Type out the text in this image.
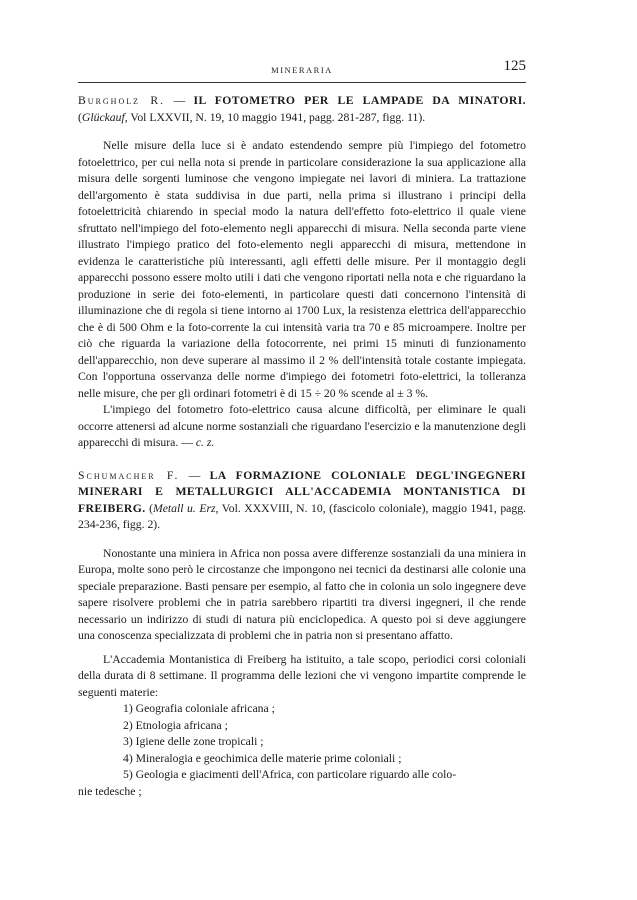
MINERARIA	125

Burgholz R. — IL FOTOMETRO PER LE LAMPADE DA MINATORI. (Glückauf, Vol LXXVII, N. 19, 10 maggio 1941, pagg. 281-287, figg. 11).

Nelle misure della luce si è andato estendendo sempre più l'impiego del fotometro fotoelettrico, per cui nella nota si prende in particolare considerazione la sua applicazione alla misura delle sorgenti luminose che vengono impiegate nei lavori di miniera. La trattazione dell'argomento è stata suddivisa in due parti, nella prima si illustrano i principi della fotoelettricità chiarendo in special modo la natura dell'effetto foto-elettrico il quale viene sfruttato nell'impiego del foto-elemento negli apparecchi di misura. Nella seconda parte viene illustrato l'impiego pratico del foto-elemento negli apparecchi di misura, mettendone in evidenza le caratteristiche più interessanti, agli effetti delle misure. Per il montaggio degli apparecchi possono essere molto utili i dati che vengono riportati nella nota e che riguardano la produzione in serie dei foto-elementi, in particolare questi dati concernono l'intensità di illuminazione che di regola si tiene intorno ai 1700 Lux, la resistenza elettrica dell'apparecchio che è di 500 Ohm e la foto-corrente la cui intensità varia tra 70 e 85 microampere. Inoltre per ciò che riguarda la variazione della fotocorrente, nei primi 15 minuti di funzionamento dell'apparecchio, non deve superare al massimo il 2 % dell'intensità totale costante impiegata. Con l'opportuna osservanza delle norme d'impiego dei fotometri foto-elettrici, la tolleranza nelle misure, che per gli ordinari fotometri è di 15 ÷ 20 % scende al ± 3 %.

L'impiego del fotometro foto-elettrico causa alcune difficoltà, per eliminare le quali occorre attenersi ad alcune norme sostanziali che riguardano l'esercizio e la manutenzione degli apparecchi di misura. — c. z.

Schumacher F. — LA FORMAZIONE COLONIALE DEGL'INGEGNERI MINERARI E METALLURGICI ALL'ACCADEMIA MONTANISTICA DI FREIBERG. (Metall u. Erz, Vol. XXXVIII, N. 10, (fascicolo coloniale), maggio 1941, pagg. 234-236, figg. 2).

Nonostante una miniera in Africa non possa avere differenze sostanziali da una miniera in Europa, molte sono però le circostanze che impongono nei tecnici da destinarsi alle colonie una speciale preparazione. Basti pensare per esempio, al fatto che in colonia un solo ingegnere deve sapere risolvere problemi che in patria sarebbero ripartiti tra diversi ingegneri, il che rende necessario un indirizzo di studi di natura più enciclopedica. A questo poi si deve aggiungere una conoscenza specializzata di problemi che in patria non si presentano affatto.

L'Accademia Montanistica di Freiberg ha istituito, a tale scopo, periodici corsi coloniali della durata di 8 settimane. Il programma delle lezioni che vi vengono impartite comprende le seguenti materie:

1) Geografia coloniale africana ;

2) Etnologia africana ;

3) Igiene delle zone tropicali ;

4) Mineralogia e geochimica delle materie prime coloniali ;

5) Geologia e giacimenti dell'Africa, con particolare riguardo alle colo-

nie tedesche ;
